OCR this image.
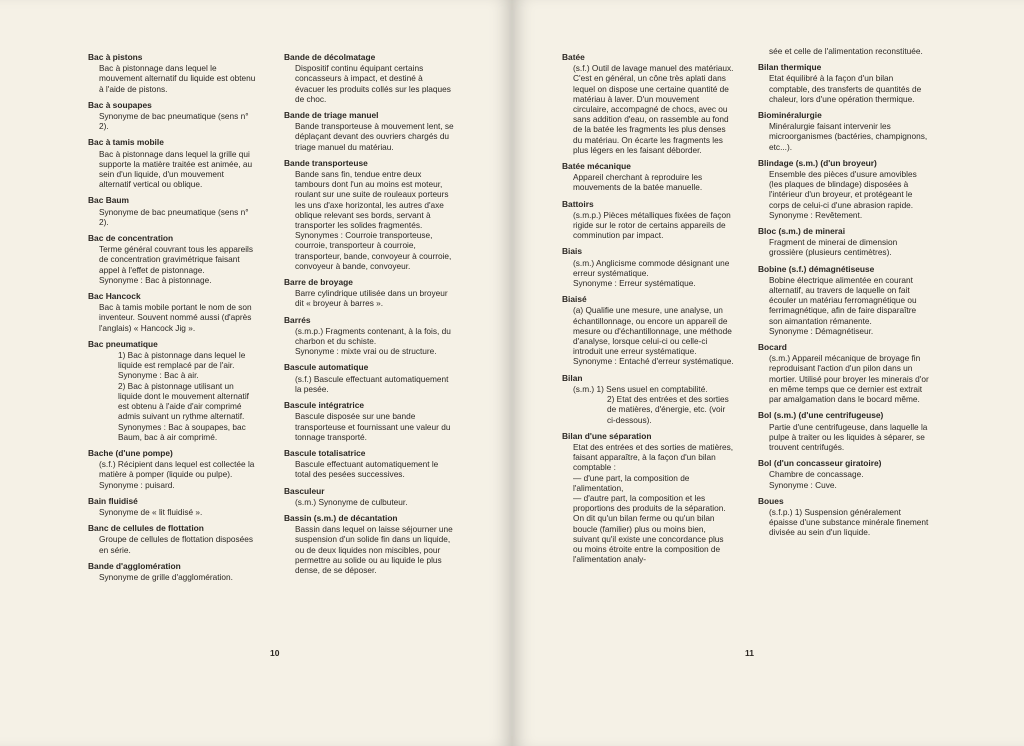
Bac à pistons
Bac à pistonnage dans lequel le mouvement alternatif du liquide est obtenu à l'aide de pistons.
Bac à soupapes
Synonyme de bac pneumatique (sens n° 2).
Bac à tamis mobile
Bac à pistonnage dans lequel la grille qui supporte la matière traitée est animée, au sein d'un liquide, d'un mouvement alternatif vertical ou oblique.
Bac Baum
Synonyme de bac pneumatique (sens n° 2).
Bac de concentration
Terme général couvrant tous les appareils de concentration gravimétrique faisant appel à l'effet de pistonnage.
Synonyme : Bac à pistonnage.
Bac Hancock
Bac à tamis mobile portant le nom de son inventeur. Souvent nommé aussi (d'après l'anglais) « Hancock Jig ».
Bac pneumatique
1) Bac à pistonnage dans lequel le liquide est remplacé par de l'air.
Synonyme : Bac à air.
2) Bac à pistonnage utilisant un liquide dont le mouvement alternatif est obtenu à l'aide d'air comprimé admis suivant un rythme alternatif.
Synonymes : Bac à soupapes, bac Baum, bac à air comprimé.
Bache (d'une pompe)
(s.f.) Récipient dans lequel est collectée la matière à pomper (liquide ou pulpe).
Synonyme : puisard.
Bain fluidisé
Synonyme de « lit fluidisé ».
Banc de cellules de flottation
Groupe de cellules de flottation disposées en série.
Bande d'agglomération
Synonyme de grille d'agglomération.
Bande de décolmatage
Dispositif continu équipant certains concasseurs à impact, et destiné à évacuer les produits collés sur les plaques de choc.
Bande de triage manuel
Bande transporteuse à mouvement lent, se déplaçant devant des ouvriers chargés du triage manuel du matériau.
Bande transporteuse
Bande sans fin, tendue entre deux tambours dont l'un au moins est moteur, roulant sur une suite de rouleaux porteurs les uns d'axe horizontal, les autres d'axe oblique relevant ses bords, servant à transporter les solides fragmentés.
Synonymes : Courroie transporteuse, courroie, transporteur à courroie, transporteur, bande, convoyeur à courroie, convoyeur à bande, convoyeur.
Barre de broyage
Barre cylindrique utilisée dans un broyeur dit « broyeur à barres ».
Barrés
(s.m.p.) Fragments contenant, à la fois, du charbon et du schiste.
Synonyme : mixte vrai ou de structure.
Bascule automatique
(s.f.) Bascule effectuant automatiquement la pesée.
Bascule intégratrice
Bascule disposée sur une bande transporteuse et fournissant une valeur du tonnage transporté.
Bascule totalisatrice
Bascule effectuant automatiquement le total des pesées successives.
Basculeur
(s.m.) Synonyme de culbuteur.
Bassin (s.m.) de décantation
Bassin dans lequel on laisse séjourner une suspension d'un solide fin dans un liquide, ou de deux liquides non miscibles, pour permettre au solide ou au liquide le plus dense, de se déposer.
10
Batée
(s.f.) Outil de lavage manuel des matériaux. C'est en général, un cône très aplati dans lequel on dispose une certaine quantité de matériau à laver. D'un mouvement circulaire, accompagné de chocs, avec ou sans addition d'eau, on rassemble au fond de la batée les fragments les plus denses du matériau. On écarte les fragments les plus légers en les faisant déborder.
Batée mécanique
Appareil cherchant à reproduire les mouvements de la batée manuelle.
Battoirs
(s.m.p.) Pièces métalliques fixées de façon rigide sur le rotor de certains appareils de comminution par impact.
Biais
(s.m.) Anglicisme commode désignant une erreur systématique.
Synonyme : Erreur systématique.
Biaisé
(a) Qualifie une mesure, une analyse, un échantillonnage, ou encore un appareil de mesure ou d'échantillonnage, une méthode d'analyse, lorsque celui-ci ou celle-ci introduit une erreur systématique.
Synonyme : Entaché d'erreur systématique.
Bilan
(s.m.) 1) Sens usuel en comptabilité.
2) Etat des entrées et des sorties de matières, d'énergie, etc. (voir ci-dessous).
Bilan d'une séparation
Etat des entrées et des sorties de matières, faisant apparaître, à la façon d'un bilan comptable :
— d'une part, la composition de l'alimentation,
— d'autre part, la composition et les proportions des produits de la séparation.
On dit qu'un bilan ferme ou qu'un bilan boucle (familier) plus ou moins bien, suivant qu'il existe une concordance plus ou moins étroite entre la composition de l'alimentation analy-
sée et celle de l'alimentation reconstituée.
Bilan thermique
Etat équilibré à la façon d'un bilan comptable, des transferts de quantités de chaleur, lors d'une opération thermique.
Biominéralurgie
Minéralurgie faisant intervenir les microorganismes (bactéries, champignons, etc...).
Blindage (s.m.) (d'un broyeur)
Ensemble des pièces d'usure amovibles (les plaques de blindage) disposées à l'intérieur d'un broyeur, et protégeant le corps de celui-ci d'une abrasion rapide.
Synonyme : Revêtement.
Bloc (s.m.) de minerai
Fragment de minerai de dimension grossière (plusieurs centimètres).
Bobine (s.f.) démagnétiseuse
Bobine électrique alimentée en courant alternatif, au travers de laquelle on fait écouler un matériau ferromagnétique ou ferrimagnétique, afin de faire disparaître son aimantation rémanente.
Synonyme : Démagnétiseur.
Bocard
(s.m.) Appareil mécanique de broyage fin reproduisant l'action d'un pilon dans un mortier. Utilisé pour broyer les minerais d'or en même temps que ce dernier est extrait par amalgamation dans le bocard même.
Bol (s.m.) (d'une centrifugeuse)
Partie d'une centrifugeuse, dans laquelle la pulpe à traiter ou les liquides à séparer, se trouvent centrifugés.
Bol (d'un concasseur giratoire)
Chambre de concassage.
Synonyme : Cuve.
Boues
(s.f.p.) 1) Suspension généralement épaisse d'une substance minérale finement divisée au sein d'un liquide.
11
